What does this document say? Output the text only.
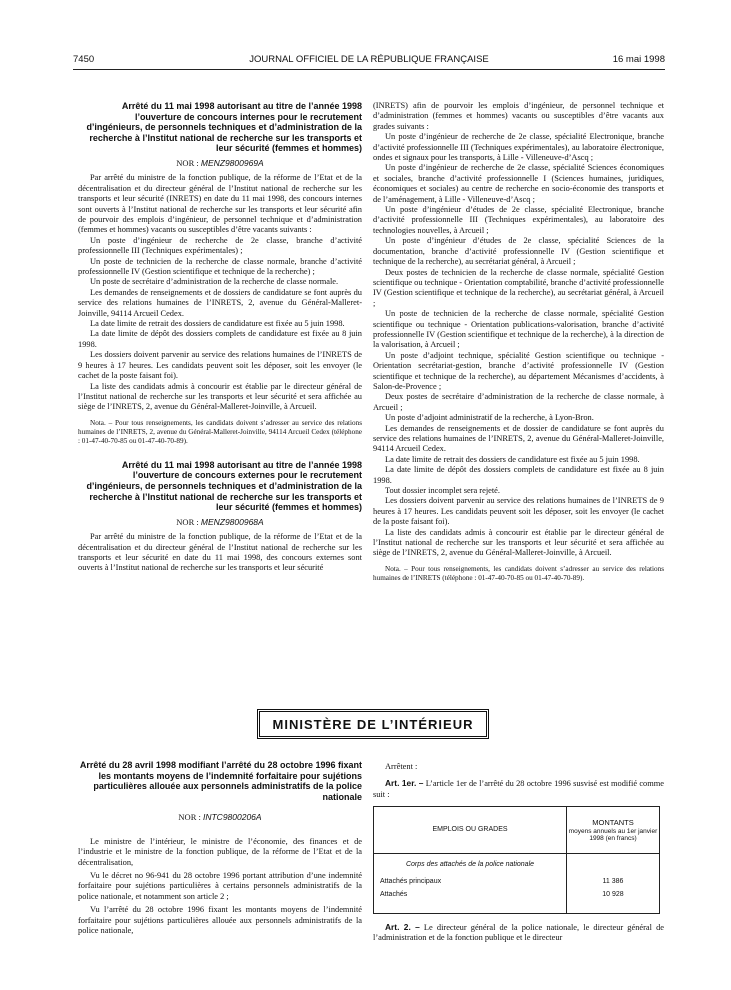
7450	JOURNAL OFFICIEL DE LA RÉPUBLIQUE FRANÇAISE	16 mai 1998
Arrêté du 11 mai 1998 autorisant au titre de l’année 1998 l’ouverture de concours internes pour le recrutement d’ingénieurs, de personnels techniques et d’administration de la recherche à l’Institut national de recherche sur les transports et leur sécurité (femmes et hommes)
NOR : MENZ9800969A

Par arrêté du ministre de la fonction publique, de la réforme de l’Etat et de la décentralisation et du directeur général de l’Institut national de recherche sur les transports et leur sécurité (INRETS) en date du 11 mai 1998, des concours internes sont ouverts à l’Institut national de recherche sur les transports et leur sécurité afin de pourvoir des emplois d’ingénieur, de personnel technique et d’administration (femmes et hommes) vacants ou susceptibles d’être vacants suivants :

Un poste d’ingénieur de recherche de 2e classe, branche d’activité professionnelle III (Techniques expérimentales) ;

Un poste de technicien de la recherche de classe normale, branche d’activité professionnelle IV (Gestion scientifique et technique de la recherche) ;

Un poste de secrétaire d’administration de la recherche de classe normale.

Les demandes de renseignements et de dossiers de candidature se font auprès du service des relations humaines de l’INRETS, 2, avenue du Général-Malleret-Joinville, 94114 Arcueil Cedex.

La date limite de retrait des dossiers de candidature est fixée au 5 juin 1998.

La date limite de dépôt des dossiers complets de candidature est fixée au 8 juin 1998.

Les dossiers doivent parvenir au service des relations humaines de l’INRETS de 9 heures à 17 heures. Les candidats peuvent soit les déposer, soit les envoyer (le cachet de la poste faisant foi).

La liste des candidats admis à concourir est établie par le directeur général de l’Institut national de recherche sur les transports et leur sécurité et sera affichée au siège de l’INRETS, 2, avenue du Général-Malleret-Joinville, à Arcueil.

Nota. – Pour tous renseignements, les candidats doivent s’adresser au service des relations humaines de l’INRETS, 2, avenue du Général-Malleret-Joinville, 94114 Arcueil Cedex (téléphone : 01-47-40-70-85 ou 01-47-40-70-89).

Arrêté du 11 mai 1998 autorisant au titre de l’année 1998 l’ouverture de concours externes pour le recrutement d’ingénieurs, de personnels techniques et d’administration de la recherche à l’Institut national de recherche sur les transports et leur sécurité (femmes et hommes)
NOR : MENZ9800968A

Par arrêté du ministre de la fonction publique, de la réforme de l’Etat et de la décentralisation et du directeur général de l’Institut national de recherche sur les transports et leur sécurité en date du 11 mai 1998, des concours externes sont ouverts à l’Institut national de recherche sur les transports et leur sécurité

(INRETS) afin de pourvoir les emplois d’ingénieur, de personnel technique et d’administration (femmes et hommes) vacants ou susceptibles d’être vacants aux grades suivants :

Un poste d’ingénieur de recherche de 2e classe, spécialité Electronique, branche d’activité professionnelle III (Techniques expérimentales), au laboratoire électronique, ondes et signaux pour les transports, à Lille - Villeneuve-d’Ascq ;

Un poste d’ingénieur de recherche de 2e classe, spécialité Sciences économiques et sociales, branche d’activité professionnelle I (Sciences humaines, juridiques, économiques et sociales) au centre de recherche en socio-économie des transports et de l’aménagement, à Lille - Villeneuve-d’Ascq ;

Un poste d’ingénieur d’études de 2e classe, spécialité Electronique, branche d’activité professionnelle III (Techniques expérimentales), au laboratoire des technologies nouvelles, à Arcueil ;

Un poste d’ingénieur d’études de 2e classe, spécialité Sciences de la documentation, branche d’activité professionnelle IV (Gestion scientifique et technique de la recherche), au secrétariat général, à Arcueil ;

Deux postes de technicien de la recherche de classe normale, spécialité Gestion scientifique ou technique - Orientation comptabilité, branche d’activité professionnelle IV (Gestion scientifique et technique de la recherche), au secrétariat général, à Arcueil ;

Un poste de technicien de la recherche de classe normale, spécialité Gestion scientifique ou technique - Orientation publications-valorisation, branche d’activité professionnelle IV (Gestion scientifique et technique de la recherche), à la direction de la valorisation, à Arcueil ;

Un poste d’adjoint technique, spécialité Gestion scientifique ou technique - Orientation secrétariat-gestion, branche d’activité professionnelle IV (Gestion scientifique et technique de la recherche), au département Mécanismes d’accidents, à Salon-de-Provence ;

Deux postes de secrétaire d’administration de la recherche de classe normale, à Arcueil ;

Un poste d’adjoint administratif de la recherche, à Lyon-Bron.

Les demandes de renseignements et de dossier de candidature se font auprès du service des relations humaines de l’INRETS, 2, avenue du Général-Malleret-Joinville, 94114 Arcueil Cedex.

La date limite de retrait des dossiers de candidature est fixée au 5 juin 1998.

La date limite de dépôt des dossiers complets de candidature est fixée au 8 juin 1998.

Tout dossier incomplet sera rejeté.

Les dossiers doivent parvenir au service des relations humaines de l’INRETS de 9 heures à 17 heures. Les candidats peuvent soit les déposer, soit les envoyer (le cachet de la poste faisant foi).

La liste des candidats admis à concourir est établie par le directeur général de l’Institut national de recherche sur les transports et leur sécurité et sera affichée au siège de l’INRETS, 2, avenue du Général-Malleret-Joinville, à Arcueil.

Nota. – Pour tous renseignements, les candidats doivent s’adresser au service des relations humaines de l’INRETS (téléphone : 01-47-40-70-85 ou 01-47-40-70-89).

MINISTÈRE DE L’INTÉRIEUR
Arrêté du 28 avril 1998 modifiant l’arrêté du 28 octobre 1996 fixant les montants moyens de l’indemnité forfaitaire pour sujétions particulières allouée aux personnels administratifs de la police nationale
NOR : INTC9800206A

Le ministre de l’intérieur, le ministre de l’économie, des finances et de l’industrie et le ministre de la fonction publique, de la réforme de l’Etat et de la décentralisation,

Vu le décret no 96-941 du 28 octobre 1996 portant attribution d’une indemnité forfaitaire pour sujétions particulières à certains personnels administratifs de la police nationale, et notamment son article 2 ;

Vu l’arrêté du 28 octobre 1996 fixant les montants moyens de l’indemnité forfaitaire pour sujétions particulières allouée aux personnels administratifs de la police nationale,

Arrêtent :

Art. 1er. – L’article 1er de l’arrêté du 28 octobre 1996 susvisé est modifié comme suit :

EMPLOIS OU GRADES	MONTANTS
moyens annuels au 1er janvier 1998 (en francs)

Corps des attachés de la police nationale	
Attachés principaux	11 386
Attachés	10 928

Art. 2. – Le directeur général de la police nationale, le directeur général de l’administration et de la fonction publique et le directeur
